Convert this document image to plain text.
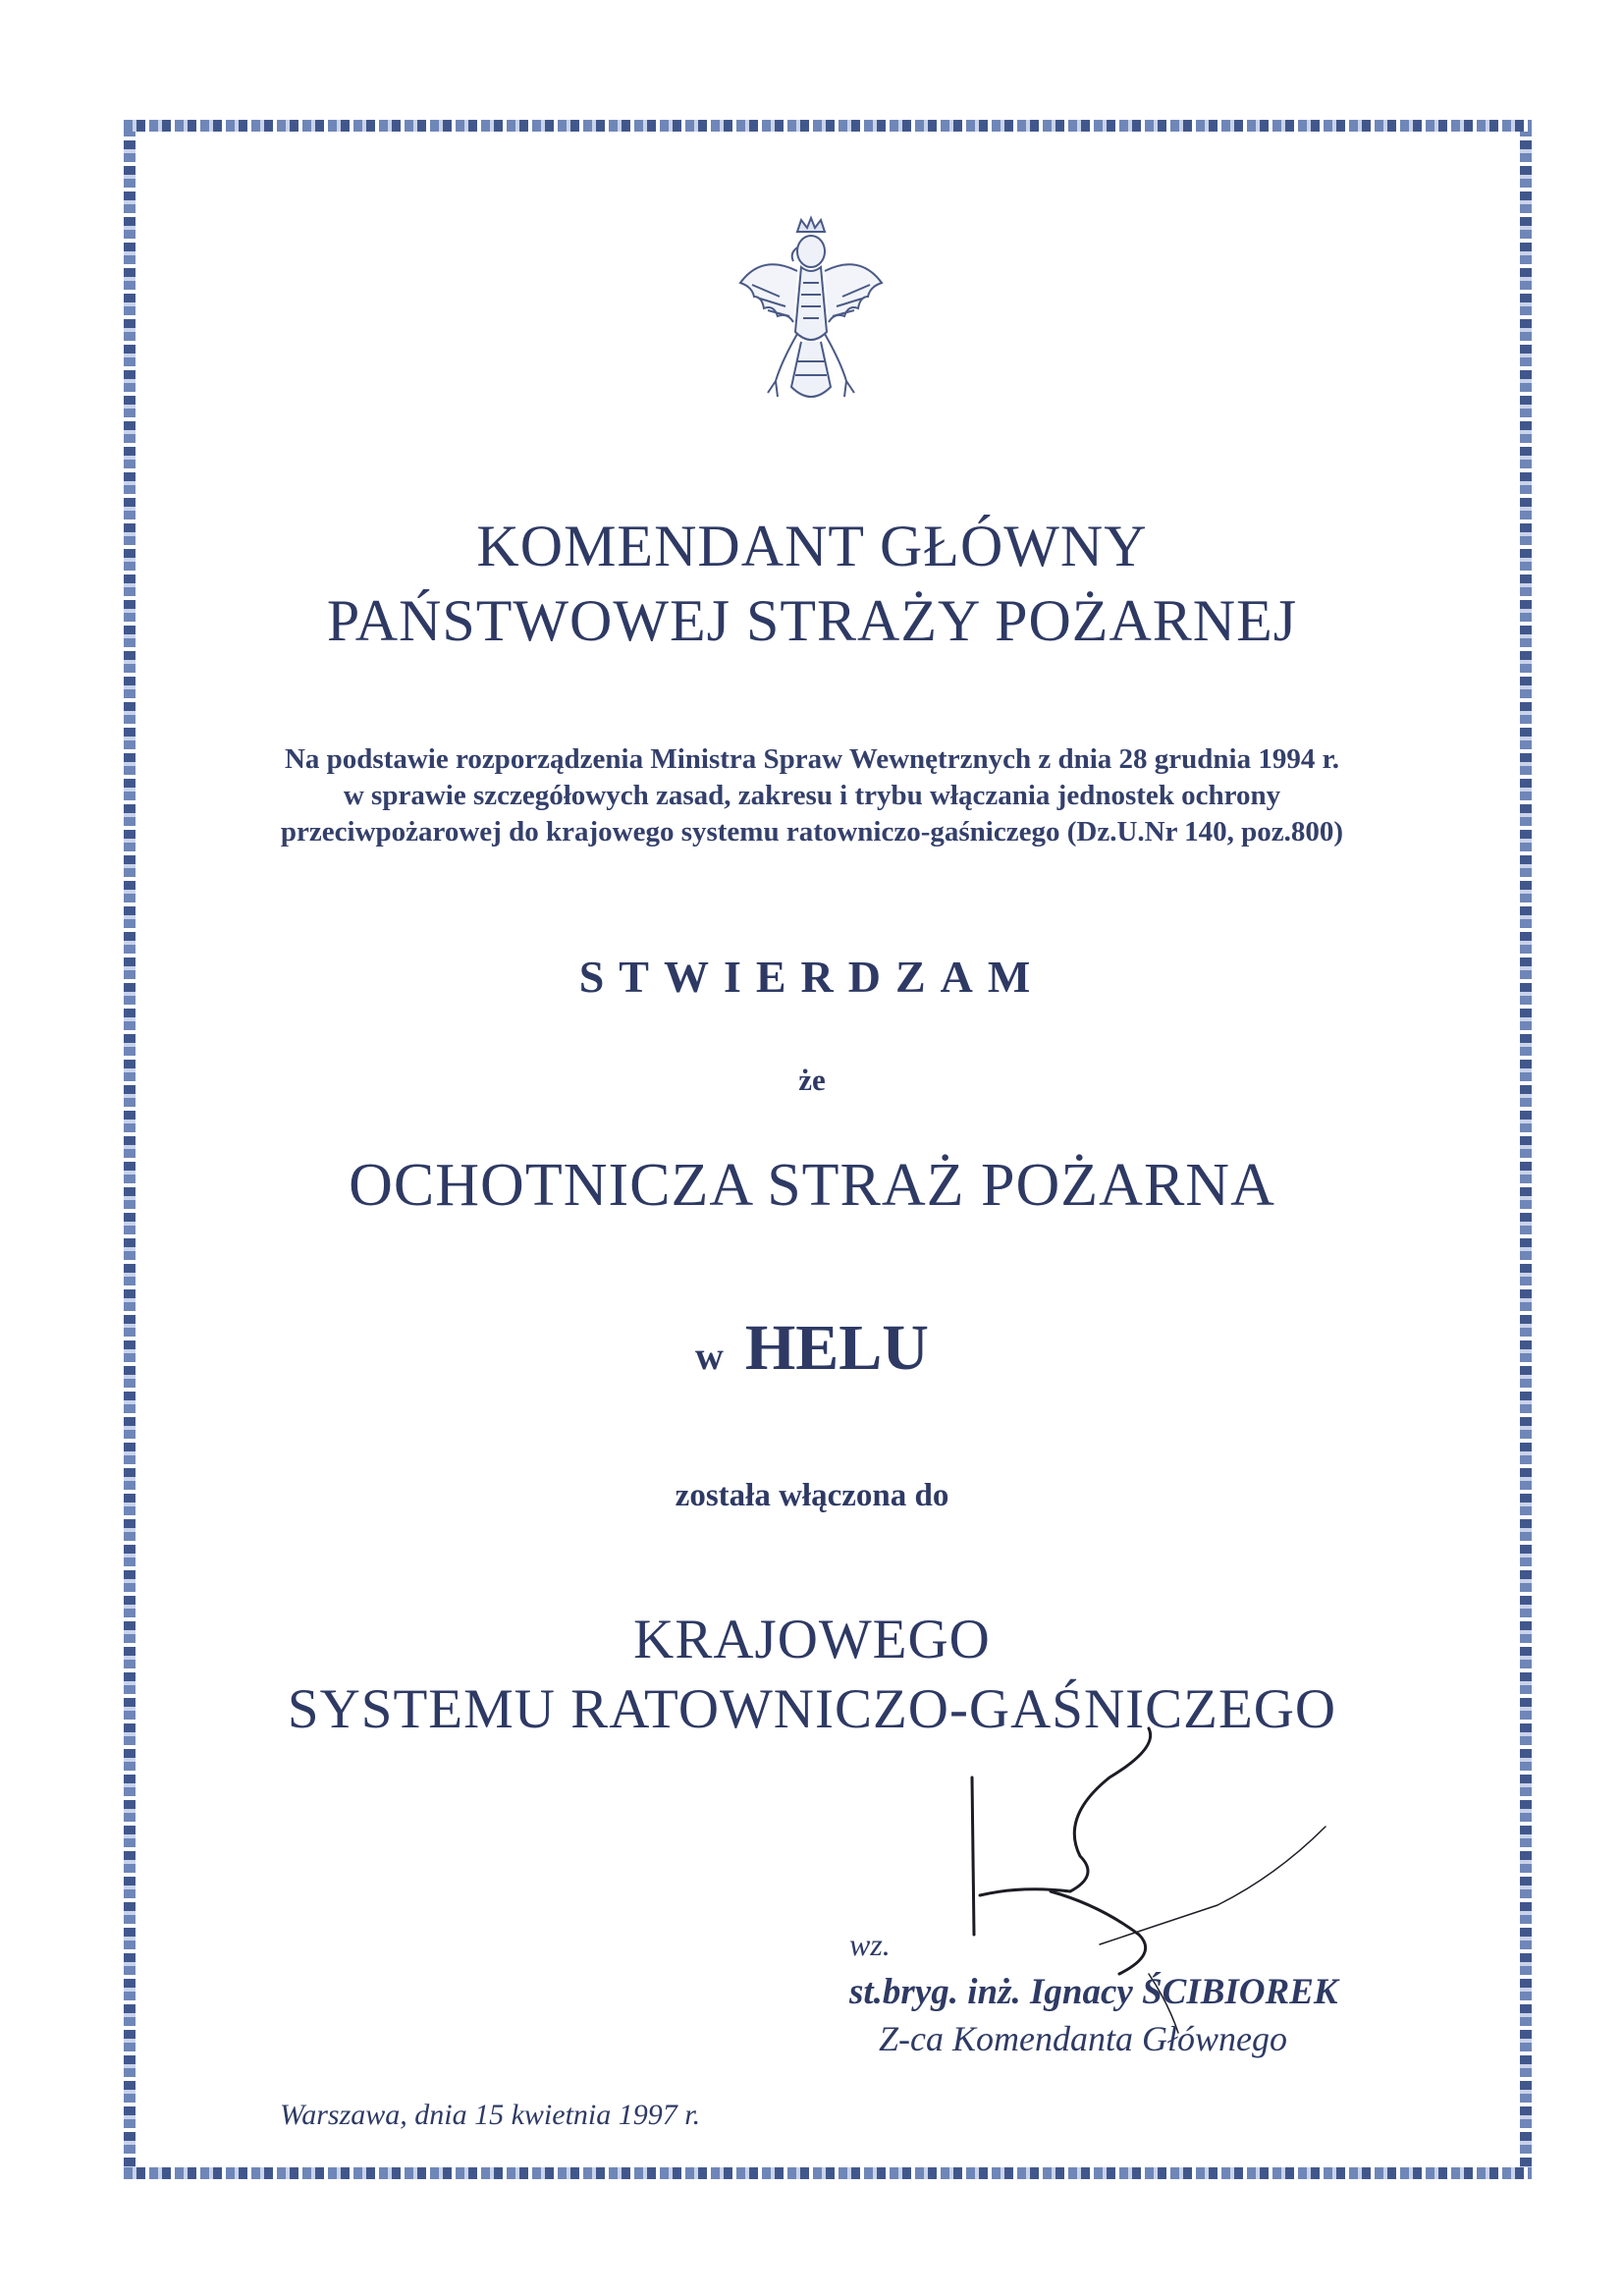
KOMENDANT GŁÓWNY
PAŃSTWOWEJ STRAŻY POŻARNEJ
Na podstawie rozporządzenia Ministra Spraw Wewnętrznych z dnia 28 grudnia 1994 r.
w sprawie szczegółowych zasad, zakresu i trybu włączania jednostek ochrony
przeciwpożarowej do krajowego systemu ratowniczo-gaśniczego (Dz.U.Nr 140, poz.800)
STWIERDZAM
że
OCHOTNICZA STRAŻ POŻARNA
w HELU
została włączona do
KRAJOWEGO
SYSTEMU RATOWNICZO-GAŚNICZEGO
wz.
st.bryg. inż. Ignacy ŚCIBIOREK
Z-ca Komendanta Głównego
Warszawa, dnia 15 kwietnia 1997 r.
